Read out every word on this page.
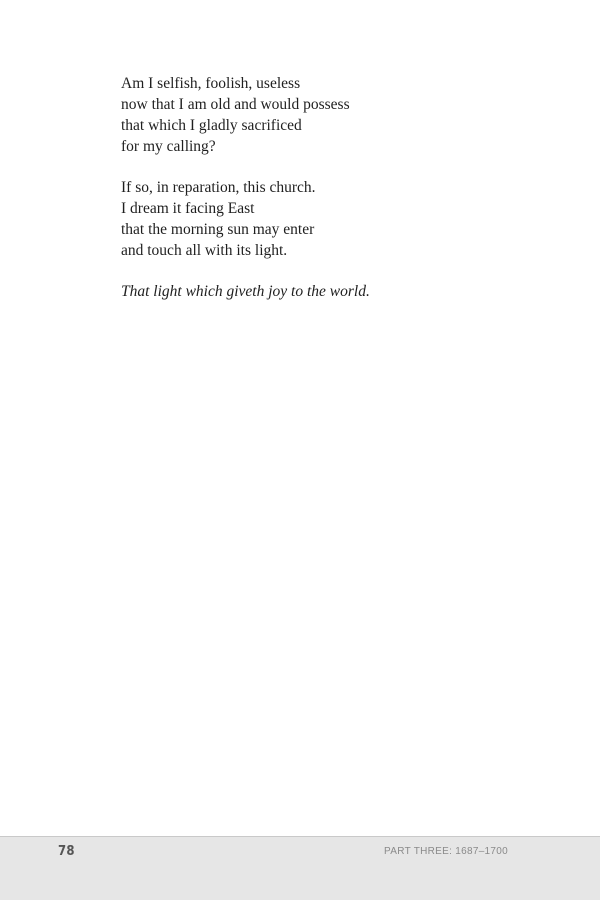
Am I selfish, foolish, useless
now that I am old and would possess
that which I gladly sacrificed
for my calling?
If so, in reparation, this church.
I dream it facing East
that the morning sun may enter
and touch all with its light.
That light which giveth joy to the world.
78	PART THREE: 1687–1700
